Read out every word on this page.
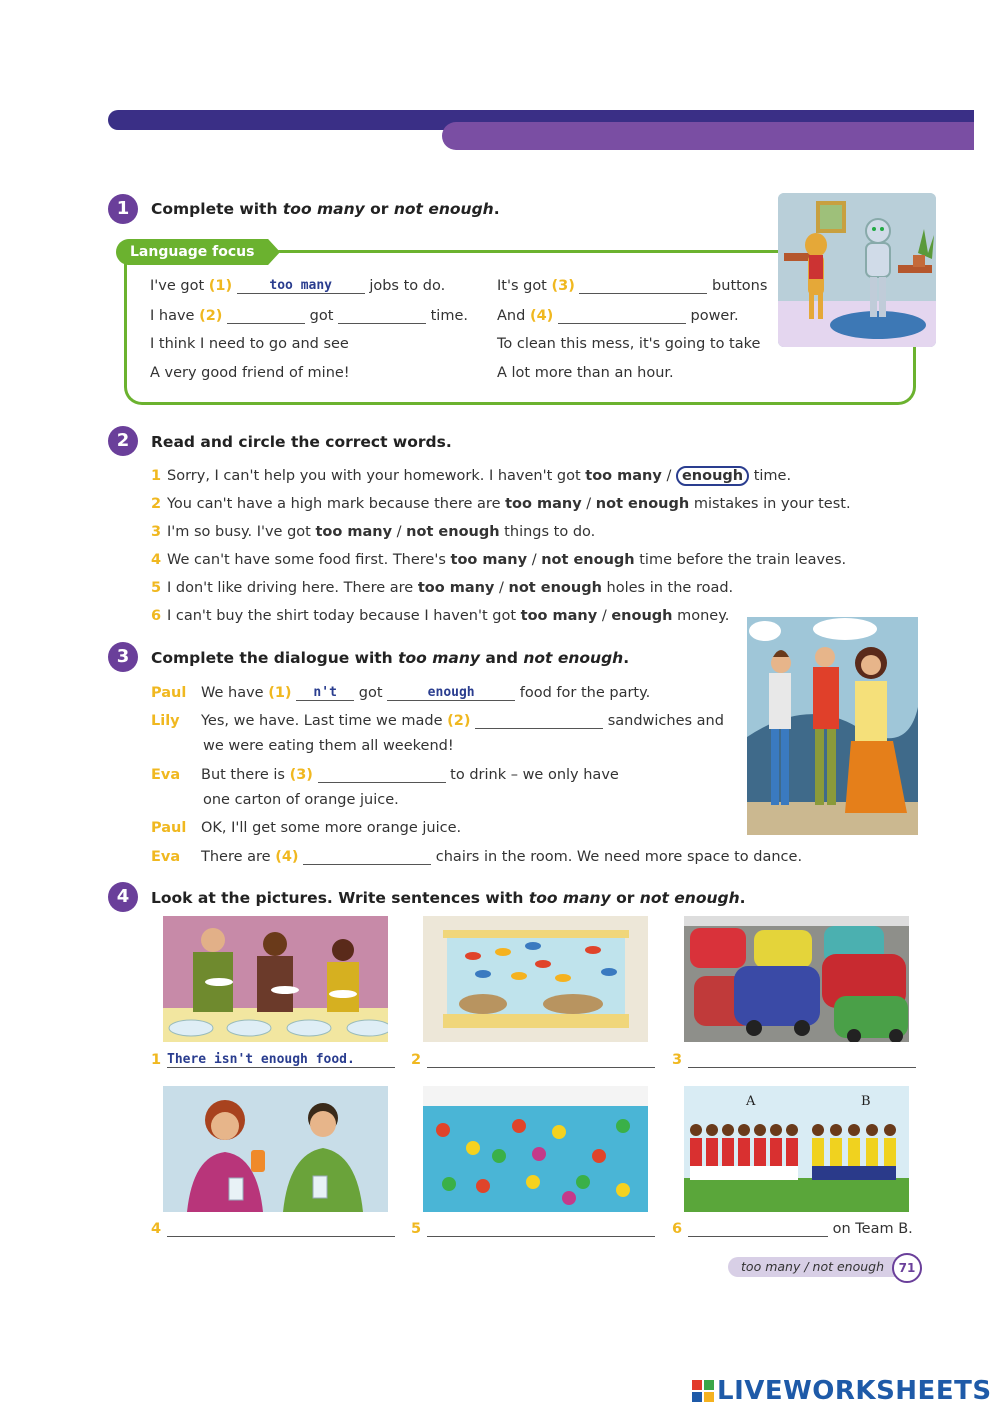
1	Complete with too many or not enough.
Language focus
I've got (1)	too many	jobs to do.
I have (2)	got	time.
I think I need to go and see
A very good friend of mine!
It's got (3)	buttons
And (4)	power.
To clean this mess, it's going to take
A lot more than an hour.
2	Read and circle the correct words.
1 Sorry, I can't help you with your homework. I haven't got too many / enough time.
2 You can't have a high mark because there are too many / not enough mistakes in your test.
3 I'm so busy. I've got too many / not enough things to do.
4 We can't have some food first. There's too many / not enough time before the train leaves.
5 I don't like driving here. There are too many / not enough holes in the road.
6 I can't buy the shirt today because I haven't got too many / enough money.
3	Complete the dialogue with too many and not enough.
Paul We have (1) n't got	enough	food for the party.
Lily Yes, we have. Last time we made (2)	sandwiches and
we were eating them all weekend!
Eva But there is (3)	to drink – we only have
one carton of orange juice.
Paul OK, I'll get some more orange juice.
Eva There are (4)	chairs in the room. We need more space to dance.
4	Look at the pictures. Write sentences with too many or not enough.
1 There isn't enough food.	2	3
A	B
4	5	6	on Team B.
too many / not enough	71
LIVEWORKSHEETS
